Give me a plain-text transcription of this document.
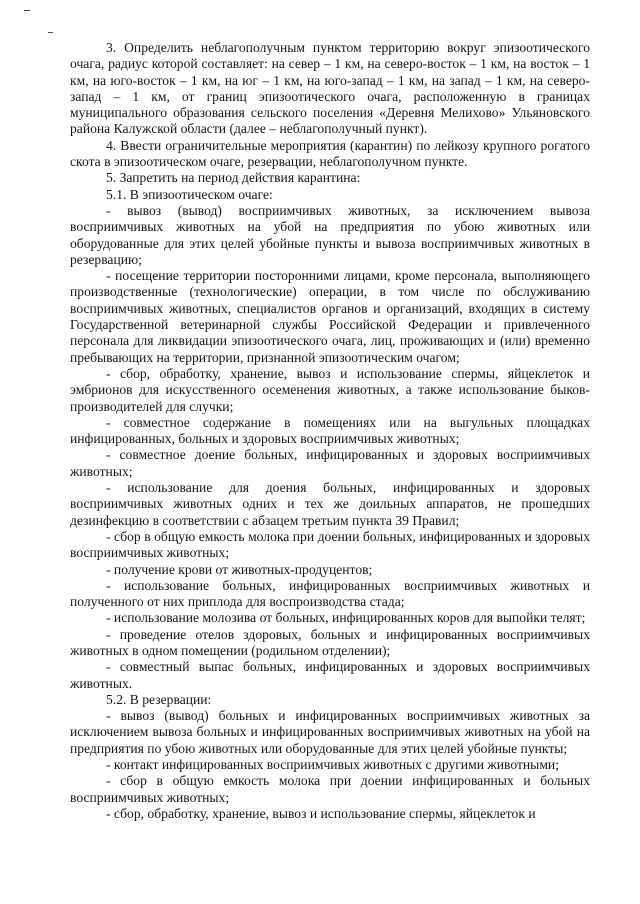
3. Определить неблагополучным пунктом территорию вокруг эпизоотического очага, радиус которой составляет: на север – 1 км, на северо-восток – 1 км, на восток – 1 км, на юго-восток – 1 км, на юг – 1 км, на юго-запад – 1 км, на запад – 1 км, на северо-запад – 1 км, от границ эпизоотического очага, расположенную в границах муниципального образования сельского поселения «Деревня Мелихово» Ульяновского района Калужской области (далее – неблагополучный пункт).

4. Ввести ограничительные мероприятия (карантин) по лейкозу крупного рогатого скота в эпизоотическом очаге, резервации, неблагополучном пункте.

5. Запретить на период действия карантина:

5.1. В эпизоотическом очаге:

- вывоз (вывод) восприимчивых животных, за исключением вывоза восприимчивых животных на убой на предприятия по убою животных или оборудованные для этих целей убойные пункты и вывоза восприимчивых животных в резервацию;

- посещение территории посторонними лицами, кроме персонала, выполняющего производственные (технологические) операции, в том числе по обслуживанию восприимчивых животных, специалистов органов и организаций, входящих в систему Государственной ветеринарной службы Российской Федерации и привлеченного персонала для ликвидации эпизоотического очага, лиц, проживающих и (или) временно пребывающих на территории, признанной эпизоотическим очагом;

- сбор, обработку, хранение, вывоз и использование спермы, яйцеклеток и эмбрионов для искусственного осеменения животных, а также использование быков-производителей для случки;

- совместное содержание в помещениях или на выгульных площадках инфицированных, больных и здоровых восприимчивых животных;

- совместное доение больных, инфицированных и здоровых восприимчивых животных;

- использование для доения больных, инфицированных и здоровых восприимчивых животных одних и тех же доильных аппаратов, не прошедших дезинфекцию в соответствии с абзацем третьим пункта 39 Правил;

- сбор в общую емкость молока при доении больных, инфицированных и здоровых восприимчивых животных;

- получение крови от животных-продуцентов;

- использование больных, инфицированных восприимчивых животных и полученного от них приплода для воспроизводства стада;

- использование молозива от больных, инфицированных коров для выпойки телят;

- проведение отелов здоровых, больных и инфицированных восприимчивых животных в одном помещении (родильном отделении);

- совместный выпас больных, инфицированных и здоровых восприимчивых животных.

5.2. В резервации:

- вывоз (вывод) больных и инфицированных восприимчивых животных за исключением вывоза больных и инфицированных восприимчивых животных на убой на предприятия по убою животных или оборудованные для этих целей убойные пункты;

- контакт инфицированных восприимчивых животных с другими животными;

- сбор в общую емкость молока при доении инфицированных и больных восприимчивых животных;

- сбор, обработку, хранение, вывоз и использование спермы, яйцеклеток и
